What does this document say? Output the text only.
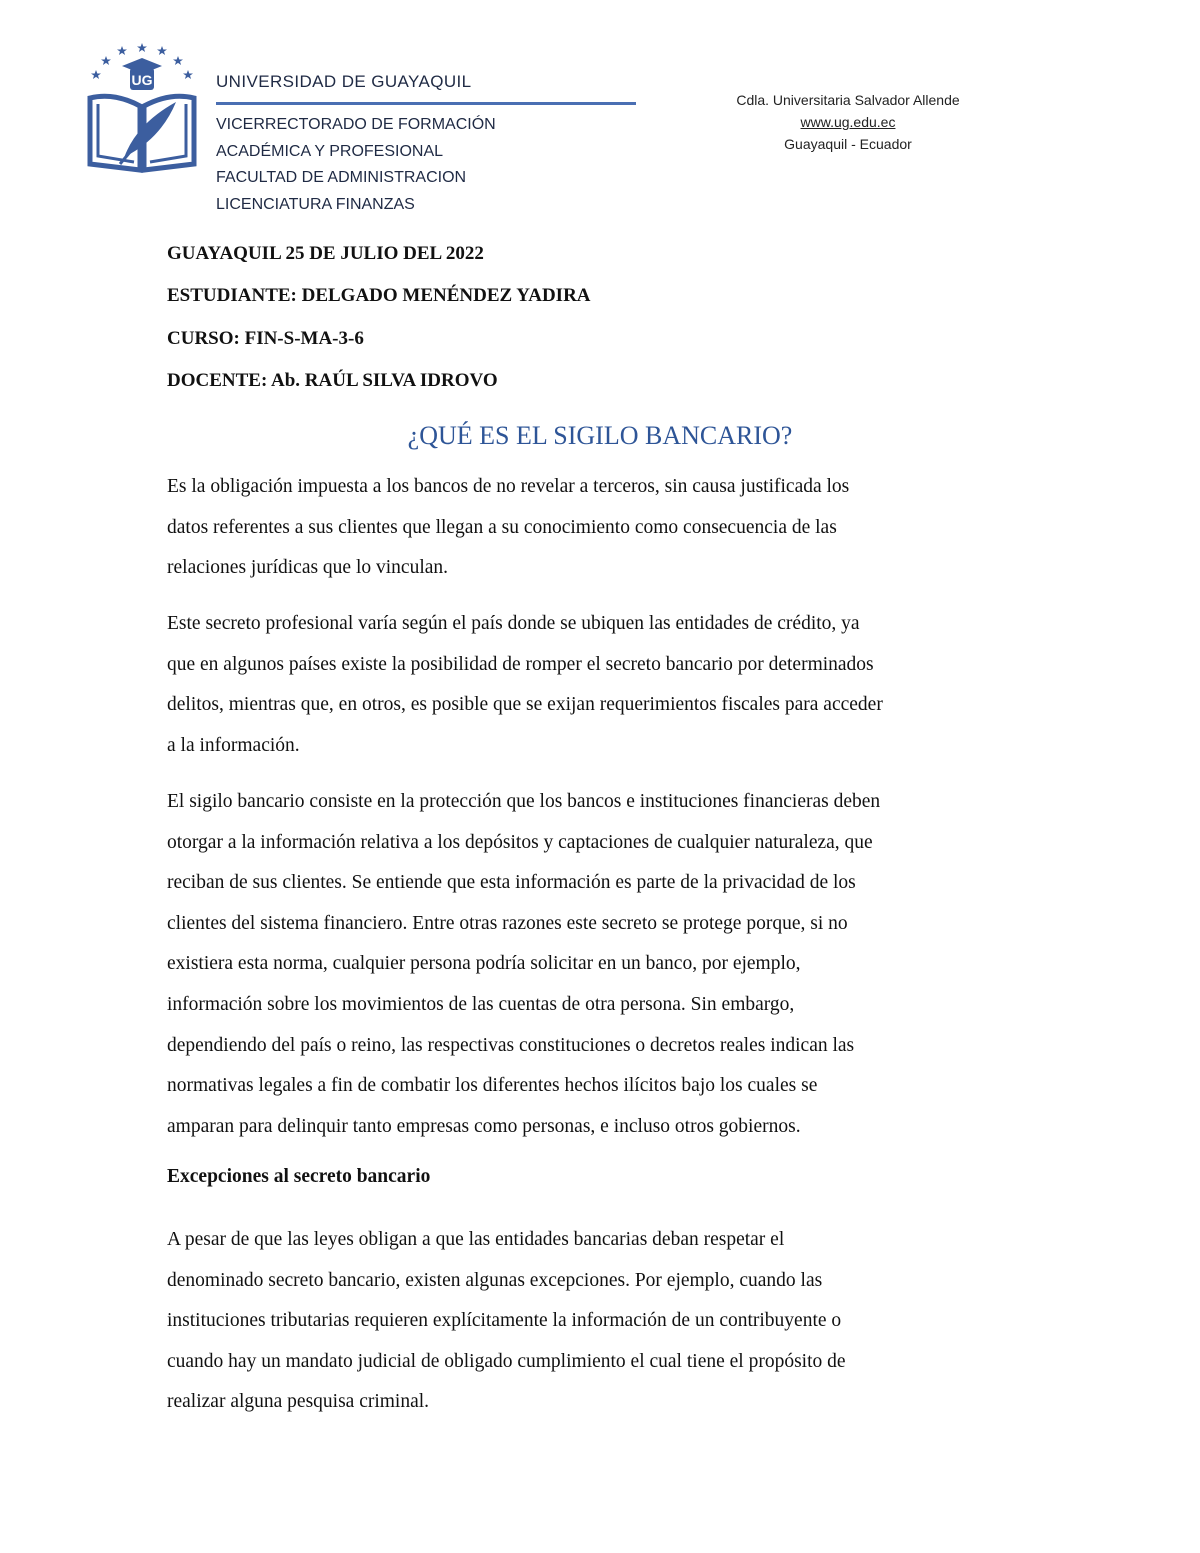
UG	UNIVERSIDAD DE GUAYAQUIL
VICERRECTORADO DE FORMACIÓN
ACADÉMICA Y PROFESIONAL
FACULTAD DE ADMINISTRACION
LICENCIATURA FINANZAS
Cdla. Universitaria Salvador Allende
www.ug.edu.ec
Guayaquil - Ecuador
GUAYAQUIL 25 DE JULIO DEL 2022
ESTUDIANTE: DELGADO MENÉNDEZ YADIRA
CURSO: FIN-S-MA-3-6
DOCENTE: Ab. RAÚL SILVA IDROVO
¿QUÉ ES EL SIGILO BANCARIO?

Es la obligación impuesta a los bancos de no revelar a terceros, sin causa justificada los

datos referentes a sus clientes que llegan a su conocimiento como consecuencia de las

relaciones jurídicas que lo vinculan.

Este secreto profesional varía según el país donde se ubiquen las entidades de crédito, ya

que en algunos países existe la posibilidad de romper el secreto bancario por determinados

delitos, mientras que, en otros, es posible que se exijan requerimientos fiscales para acceder

a la información.

El sigilo bancario consiste en la protección que los bancos e instituciones financieras deben

otorgar a la información relativa a los depósitos y captaciones de cualquier naturaleza, que

reciban de sus clientes. Se entiende que esta información es parte de la privacidad de los

clientes del sistema financiero. Entre otras razones este secreto se protege porque, si no

existiera esta norma, cualquier persona podría solicitar en un banco, por ejemplo,

información sobre los movimientos de las cuentas de otra persona. Sin embargo,

dependiendo del país o reino, las respectivas constituciones o decretos reales indican las

normativas legales a fin de combatir los diferentes hechos ilícitos bajo los cuales se

amparan para delinquir tanto empresas como personas, e incluso otros gobiernos.

Excepciones al secreto bancario

A pesar de que las leyes obligan a que las entidades bancarias deban respetar el

denominado secreto bancario, existen algunas excepciones. Por ejemplo, cuando las

instituciones tributarias requieren explícitamente la información de un contribuyente o

cuando hay un mandato judicial de obligado cumplimiento el cual tiene el propósito de

realizar alguna pesquisa criminal.
